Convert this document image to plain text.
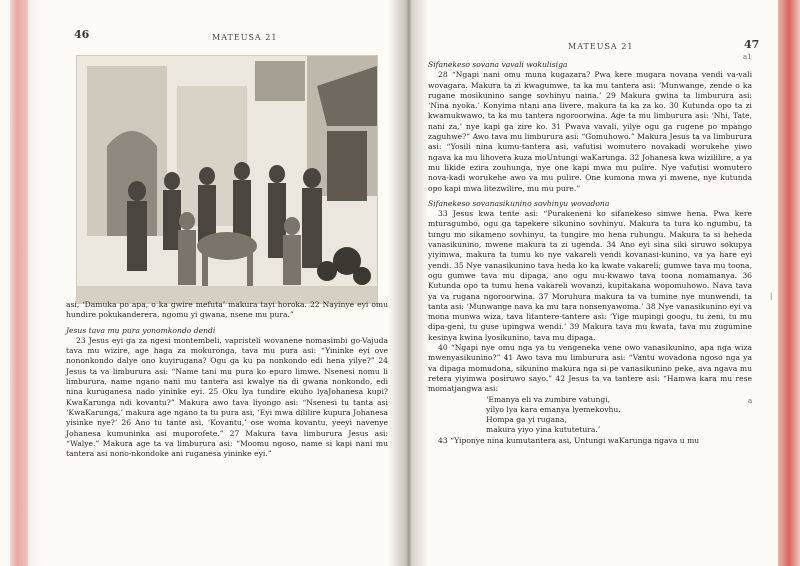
46	MATEUSA 21

asi, ‘Damuka po apa, o ka gwire mefuta’ makura tayi horoka. 22 Nayinye eyi omu hundire pokukanderera, ngomu yi gwana, nsene mu pura.”

Jesus tava mu pura yonomkondo dendi

23 Jesus eyi ga za ngesi montembeli, vapristeli wovanene nomasimbi go-Vajuda tava mu wizire, age haga za mokuronga, tava mu pura asi: “Yininke eyi ove nononkondo dalye ono kuyirugana? Ogu ga ku pa nonkondo edi hena yilye?” 24 Jesus ta va limburura asi: “Name tani mu pura ko epuro limwe. Nsenesi nomu li limburura, name ngano nani mu tantera asi kwalye na di gwana nonkondo, edi nina kuruganesa nado yininke eyi. 25 Oku lya tundire ekuho lyaJohanesa kupi? KwaKarunga ndi kovantu?” Makura awo tava liyongo asi: “Nsenesi tu tanta asi ‘KwaKarunga,’ makura age ngano ta tu pura asi, ‘Eyi mwa dililire kupura Johanesa yisinke nye?’ 26 Ano tu tante asi, ‘Kovantu,’ ose woma kovantu, yeeyi navenye Johanesa kumuninka asi muporofete.” 27 Makura tava limburura Jesus asi: “Walye.” Makura age ta va limburura asi: “Moomu ngoso, name si kapi nani mu tantera asi nono-nkondoke ani ruganesa yininke eyi.”

MATEUSA 21	47
a1
|
a

Sifanekeso sovana vavali wokulisiga

28 “Ngapi nani omu muna kugazara? Pwa kere mugara novana vendi va-vali wovagara. Makura ta zi kwagumwe, ta ka mu tantera asi: ‘Munwange, zende o ka rugane mosikunino sange sovhinyu naina.’ 29 Makura gwina ta limburura asi: ‘Nina nyoka.’ Konyima ntani ana livere, makura ta ka za ko. 30 Kutunda opo ta zi kwamukwawo, ta ka mu tantera ngoroorwina. Age ta mu limburura asi: ‘Nhi, Tate, nani za,’ nye kapi ga zire ko. 31 Pwava vavali, yilye ogu ga rugene po mpango zaguhwe?” Awo tava mu limburura asi: “Gomuhowo.” Makura Jesus ta va limburura asi: “Yosili nina kumu-tantera asi, vafutisi womutero novakadi worukehe yiwo ngava ka mu lihovera kuza moUntungi waKarunga. 32 Johanesa kwa wizililire, a ya mu likide ezira zouhunga, nye one kapi mwa mu pulire. Nye vafutisi womutero nova-kadi worukehe awo va mu pulire. One kumona mwa yi mwene, nye kutunda opo kapi mwa litezwilire, mu mu pure.”

Sifanekeso sovanasikunino sovhinyu wovadona

33 Jesus kwa tente asi: “Purakeneni ko sifanekeso simwe hena. Pwa kere mturagumbo, ogu ga tapekere sikunino sovhinyu. Makura ta tura ko ngumbu, ta tungu mo sikameno sovhinyu, ta tungire mo hena ruhungu. Makura ta si heheda vanasikunino, mwene makura ta zi ugenda. 34 Ano eyi sina siki siruwo sokupya yiyimwa, makura ta tumu ko nye vakareli vendi kovanasi-kunino, va ya hare eyi yendi. 35 Nye vanasikunino tava heda ko ka kwate vakareli; gumwe tava mu toona, ogu gumwe tava mu dipaga, ano ogu mu-kwawo tava toona nomamanya. 36 Kutunda opo ta tumu hena vakareli wovanzi, kupitakana wopomuhowo. Nava tava ya va rugana ngoroorwina. 37 Moruhura makura ta va tumine nye munwendi, ta tanta asi: ‘Munwange nava ka mu tara nonsenyawoma.’ 38 Nye vanasikunino eyi va mona munwa wiza, tava litantere-tantere asi: ‘Yige mupingi googu, tu zeni, tu mu dipa-geni, tu guse upingwa wendi.’ 39 Makura tava mu kwata, tava mu zugumine kesinya kwina lyosikunino, tava mu dipaga.

40 “Ngapi nye omu nga ya tu vengeneka vene owo vanasikunino, apa nga wiza mwenyasikunino?” 41 Awo tava mu limburura asi: “Vantu wovadona ngoso nga ya va dipaga momudona, sikunino makura nga si pe vanasikunino peke, ava ngava mu retera yiyimwa posiruwo sayo.” 42 Jesus ta va tantere asi: “Hamwa kara mu rese momatjangwa asi:

‘Emanya eli va zumbire vatungi,

yilyo lya kara emanya lyemekovhu.

Hompa ga yi rugana,

makura yiyo yina kututetura.’

43 “Yiponye nina kumutantera asi, Untungi waKarunga ngava u mu
